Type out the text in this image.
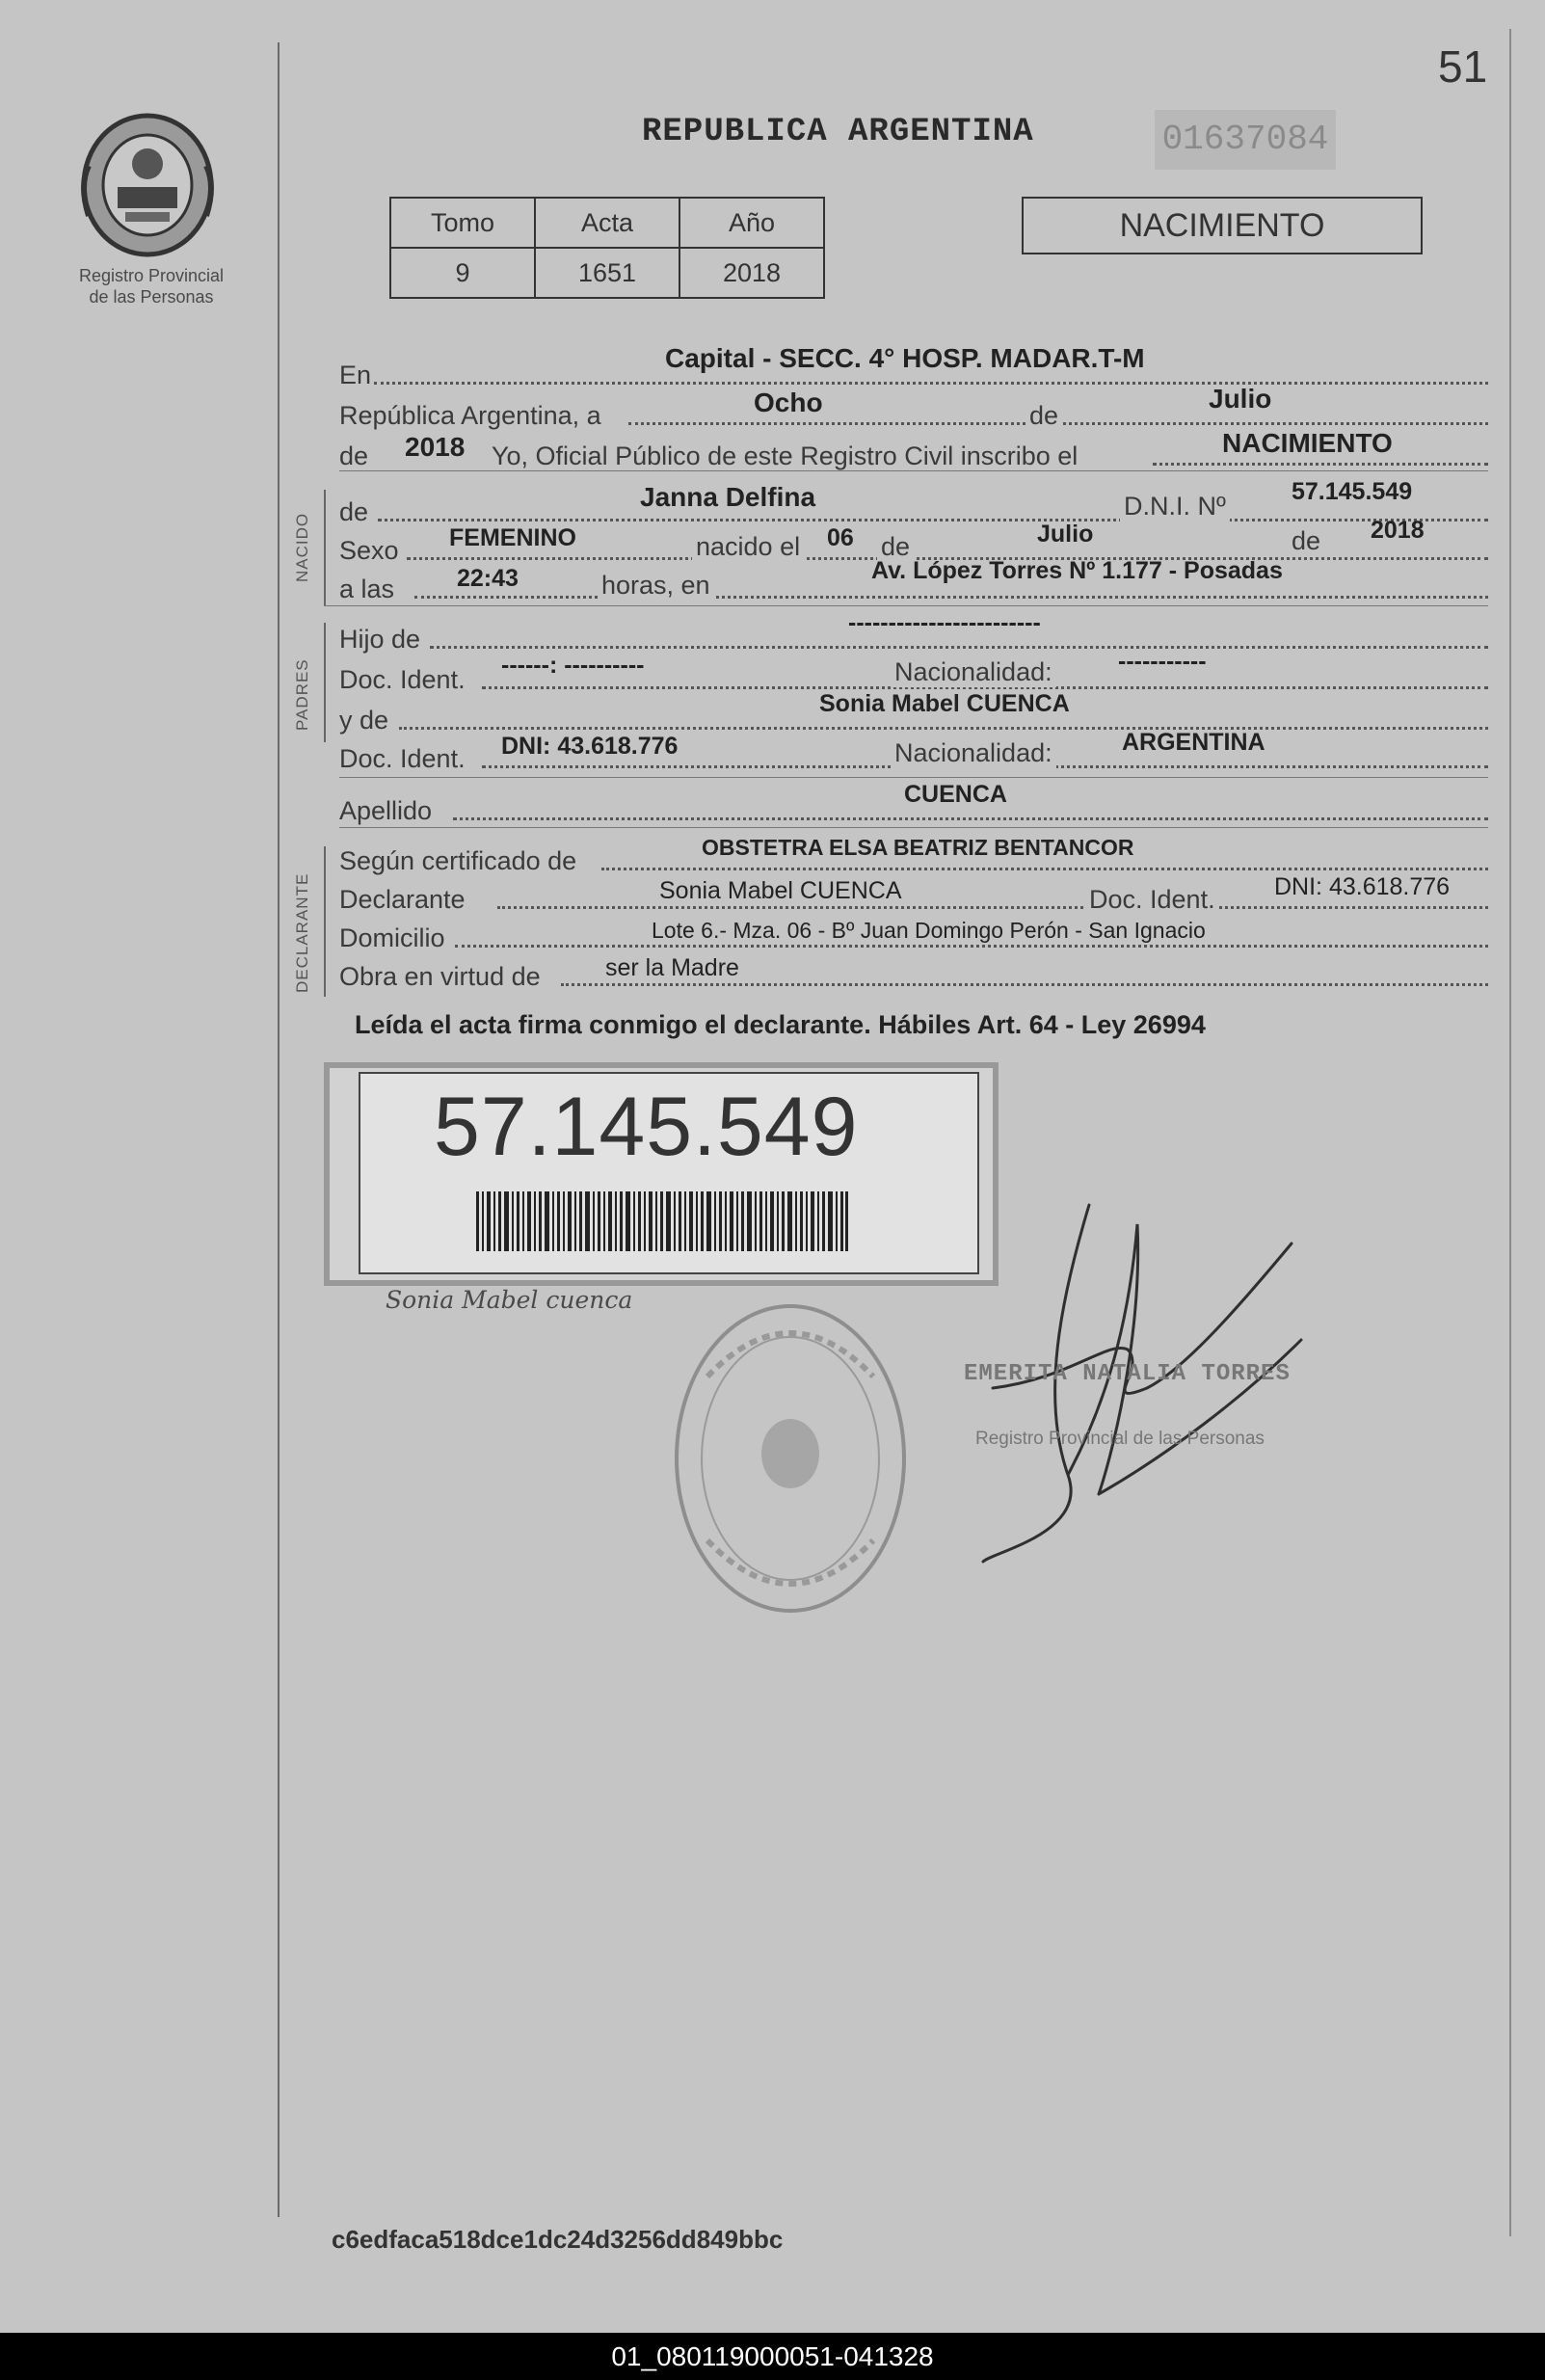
51
Registro Provincial
de las Personas
REPUBLICA ARGENTINA	01637084
Tomo	Acta	Año
9	1651	2018
NACIMIENTO
En
Capital - SECC. 4° HOSP. MADAR.T-M
República Argentina, a	Ocho	de
Julio
de 2018 Yo, Oficial Público de este Registro Civil inscribo el	NACIMIENTO
NACIDO
de	Janna Delfina	D.N.I. Nº	57.145.549
Sexo FEMENINO	nacido el 06 de	Julio	de 2018
a las	22:43	horas, en	Av. López Torres Nº 1.177 - Posadas
PADRES
Hijo de
------------------------
Doc. Ident. ------: ----------	Nacionalidad:	-----------
y de
Sonia Mabel CUENCA
Doc. Ident. DNI: 43.618.776	Nacionalidad:	ARGENTINA
Apellido
CUENCA
DECLARANTE
Según certificado de	OBSTETRA ELSA BEATRIZ BENTANCOR
Declarante	Sonia Mabel CUENCA	Doc. Ident. DNI: 43.618.776
Domicilio	Lote 6.- Mza. 06 - Bº Juan Domingo Perón - San Ignacio
Obra en virtud de	ser la Madre
Leída el acta firma conmigo el declarante. Hábiles Art. 64 - Ley 26994
57.145.549
Sonia Mabel cuenca
EMERITA NATALIA TORRES
Registro Provincial de las Personas
c6edfaca518dce1dc24d3256dd849bbc
01_080119000051-041328
